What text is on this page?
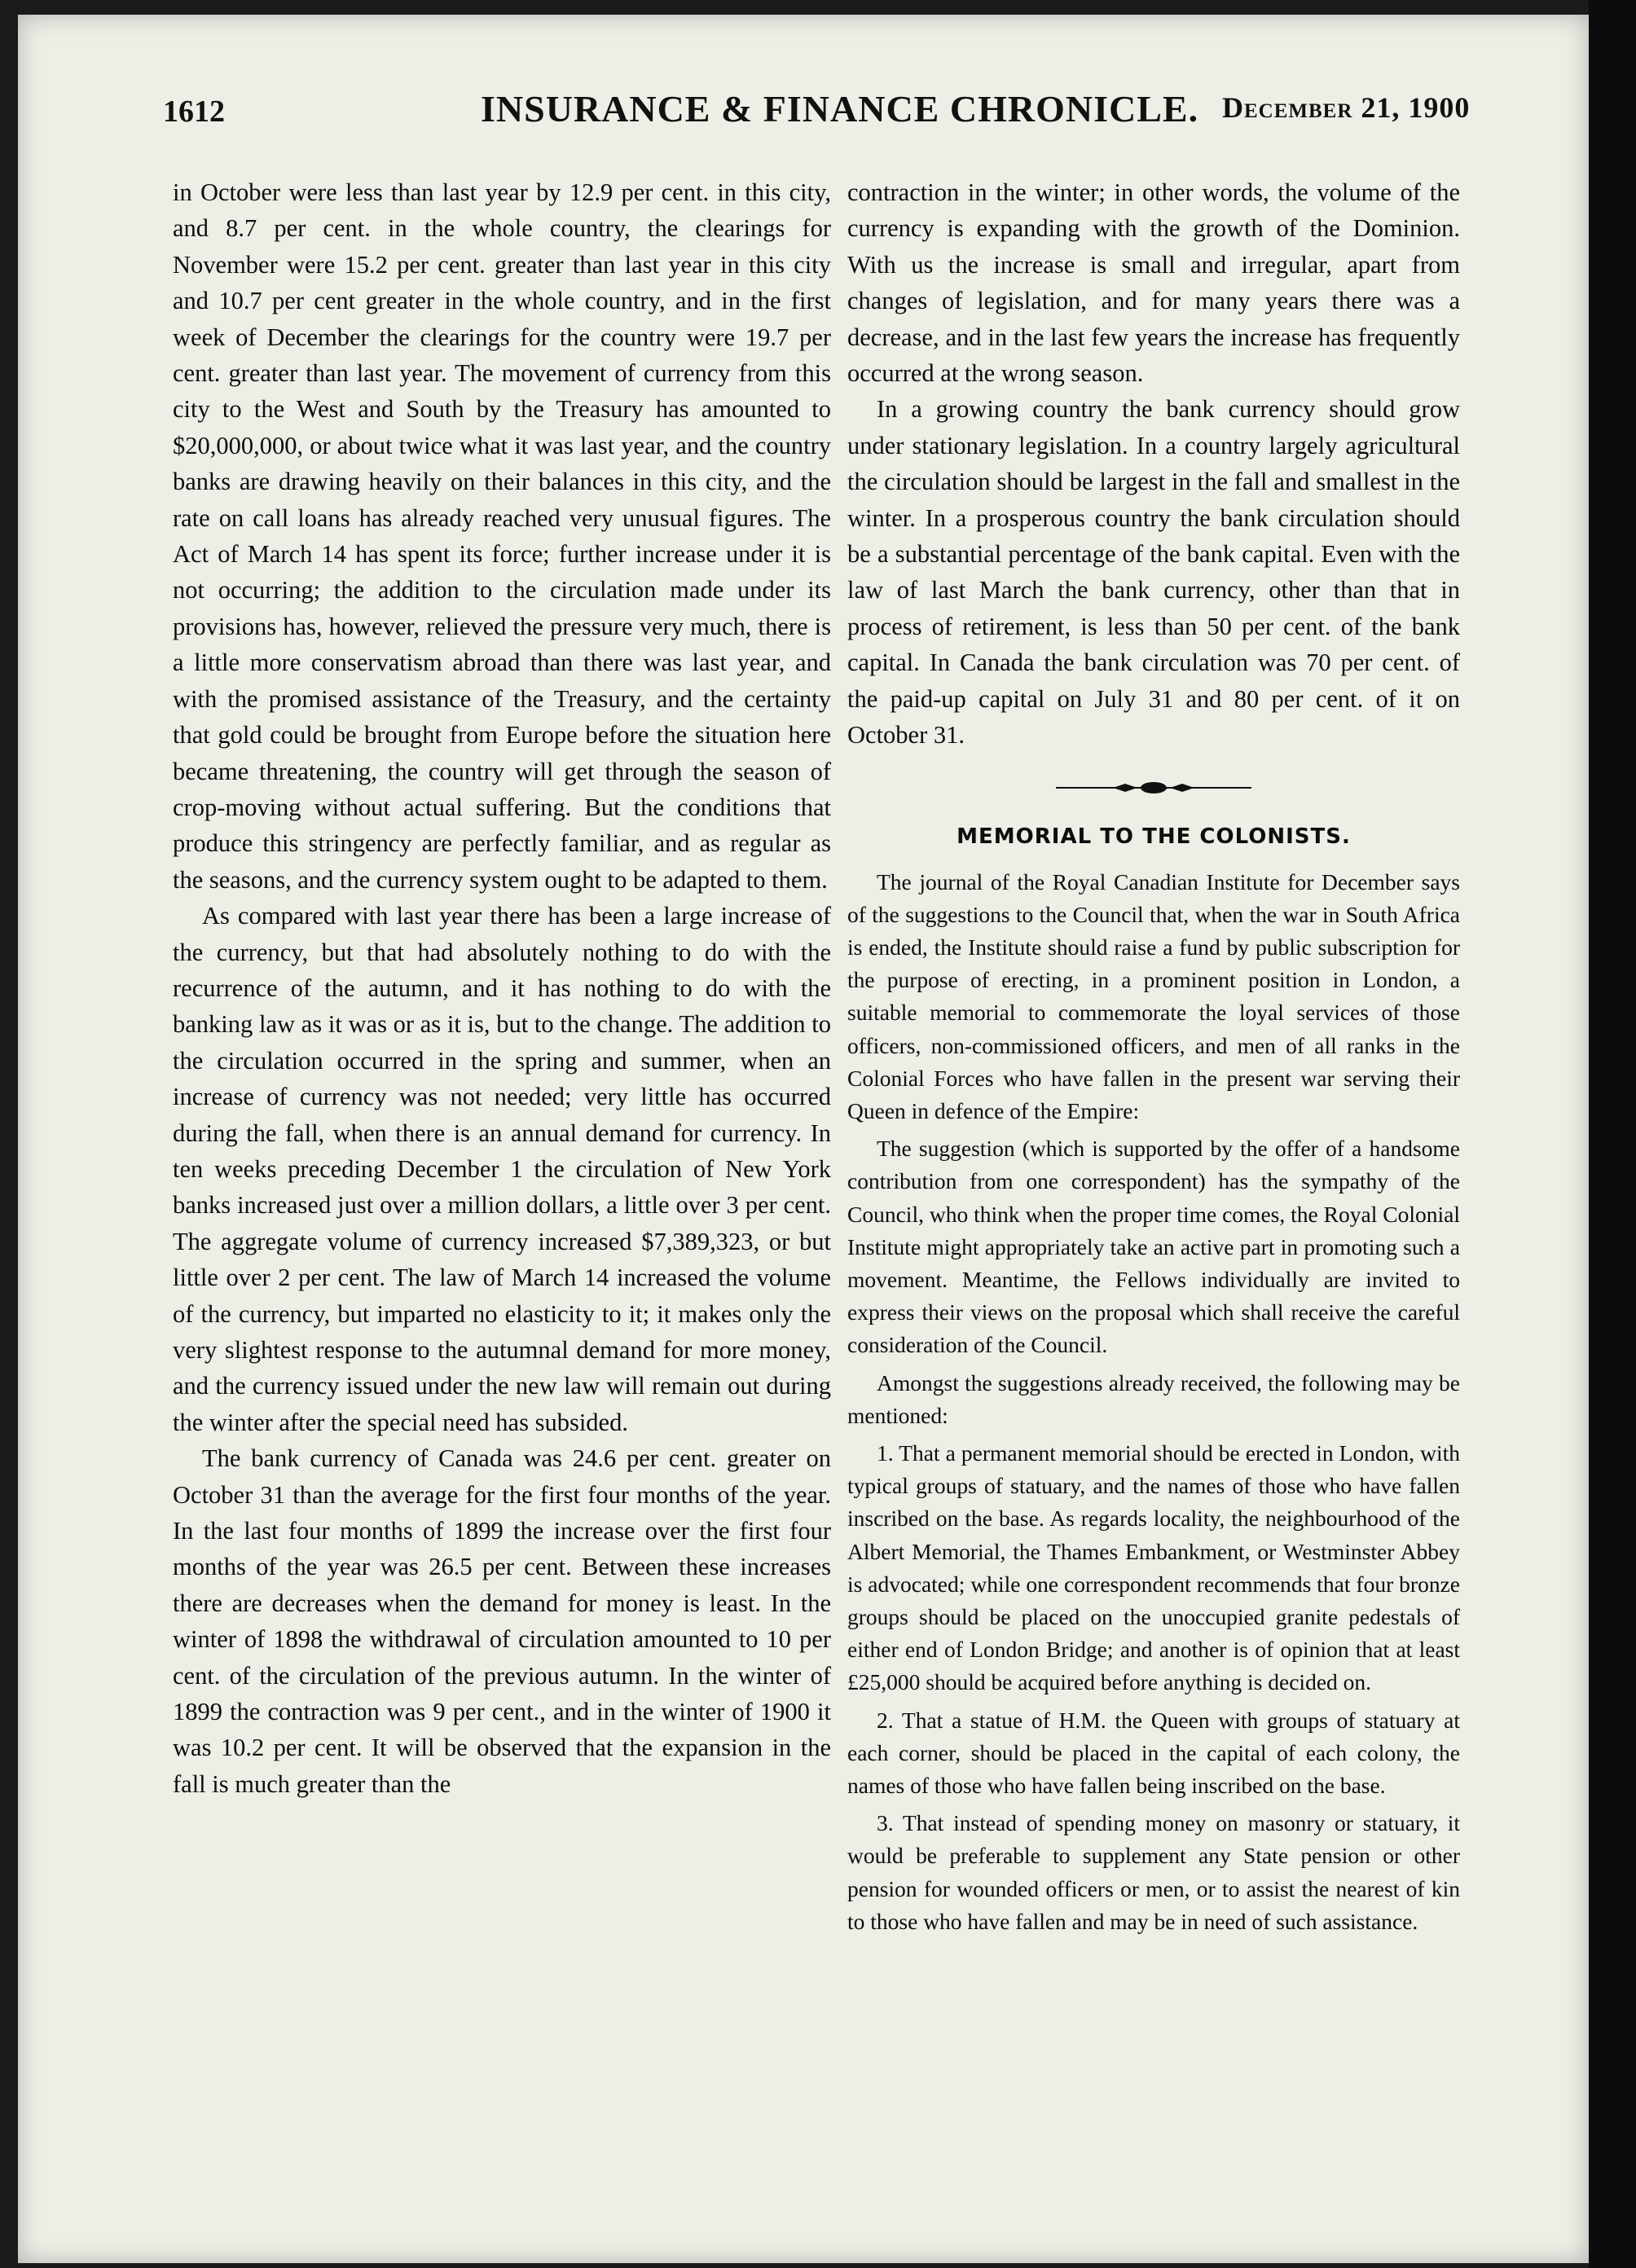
1612	INSURANCE & FINANCE CHRONICLE. December 21, 1900

in October were less than last year by 12.9 per cent. in this city, and 8.7 per cent. in the whole country, the clearings for November were 15.2 per cent. greater than last year in this city and 10.7 per cent greater in the whole country, and in the first week of December the clearings for the country were 19.7 per cent. greater than last year. The movement of currency from this city to the West and South by the Treasury has amounted to $20,000,000, or about twice what it was last year, and the country banks are drawing heavily on their balances in this city, and the rate on call loans has already reached very unusual figures. The Act of March 14 has spent its force; further increase under it is not occurring; the addition to the circulation made under its provisions has, however, relieved the pressure very much, there is a little more conservatism abroad than there was last year, and with the promised assistance of the Treasury, and the certainty that gold could be brought from Europe before the situation here became threatening, the country will get through the season of crop-moving without actual suffering. But the conditions that produce this stringency are perfectly familiar, and as regular as the seasons, and the currency system ought to be adapted to them.

As compared with last year there has been a large increase of the currency, but that had absolutely nothing to do with the recurrence of the autumn, and it has nothing to do with the banking law as it was or as it is, but to the change. The addition to the circulation occurred in the spring and summer, when an increase of currency was not needed; very little has occurred during the fall, when there is an annual demand for currency. In ten weeks preceding December 1 the circulation of New York banks increased just over a million dollars, a little over 3 per cent. The aggregate volume of currency increased $7,389,323, or but little over 2 per cent. The law of March 14 increased the volume of the currency, but imparted no elasticity to it; it makes only the very slightest response to the autumnal demand for more money, and the currency issued under the new law will remain out during the winter after the special need has subsided.

The bank currency of Canada was 24.6 per cent. greater on October 31 than the average for the first four months of the year. In the last four months of 1899 the increase over the first four months of the year was 26.5 per cent. Between these increases there are decreases when the demand for money is least. In the winter of 1898 the withdrawal of circulation amounted to 10 per cent. of the circulation of the previous autumn. In the winter of 1899 the contraction was 9 per cent., and in the winter of 1900 it was 10.2 per cent. It will be observed that the expansion in the fall is much greater than the

contraction in the winter; in other words, the volume of the currency is expanding with the growth of the Dominion. With us the increase is small and irregular, apart from changes of legislation, and for many years there was a decrease, and in the last few years the increase has frequently occurred at the wrong season.

In a growing country the bank currency should grow under stationary legislation. In a country largely agricultural the circulation should be largest in the fall and smallest in the winter. In a prosperous country the bank circulation should be a substantial percentage of the bank capital. Even with the law of last March the bank currency, other than that in process of retirement, is less than 50 per cent. of the bank capital. In Canada the bank circulation was 70 per cent. of the paid-up capital on July 31 and 80 per cent. of it on October 31.

MEMORIAL TO THE COLONISTS.

The journal of the Royal Canadian Institute for December says of the suggestions to the Council that, when the war in South Africa is ended, the Institute should raise a fund by public subscription for the purpose of erecting, in a prominent position in London, a suitable memorial to commemorate the loyal services of those officers, non-commissioned officers, and men of all ranks in the Colonial Forces who have fallen in the present war serving their Queen in defence of the Empire:

The suggestion (which is supported by the offer of a handsome contribution from one correspondent) has the sympathy of the Council, who think when the proper time comes, the Royal Colonial Institute might appropriately take an active part in promoting such a movement. Meantime, the Fellows individually are invited to express their views on the proposal which shall receive the careful consideration of the Council.

Amongst the suggestions already received, the following may be mentioned:

1. That a permanent memorial should be erected in London, with typical groups of statuary, and the names of those who have fallen inscribed on the base. As regards locality, the neighbourhood of the Albert Memorial, the Thames Embankment, or Westminster Abbey is advocated; while one correspondent recommends that four bronze groups should be placed on the unoccupied granite pedestals of either end of London Bridge; and another is of opinion that at least £25,000 should be acquired before anything is decided on.

2. That a statue of H.M. the Queen with groups of statuary at each corner, should be placed in the capital of each colony, the names of those who have fallen being inscribed on the base.

3. That instead of spending money on masonry or statuary, it would be preferable to supplement any State pension or other pension for wounded officers or men, or to assist the nearest of kin to those who have fallen and may be in need of such assistance.
